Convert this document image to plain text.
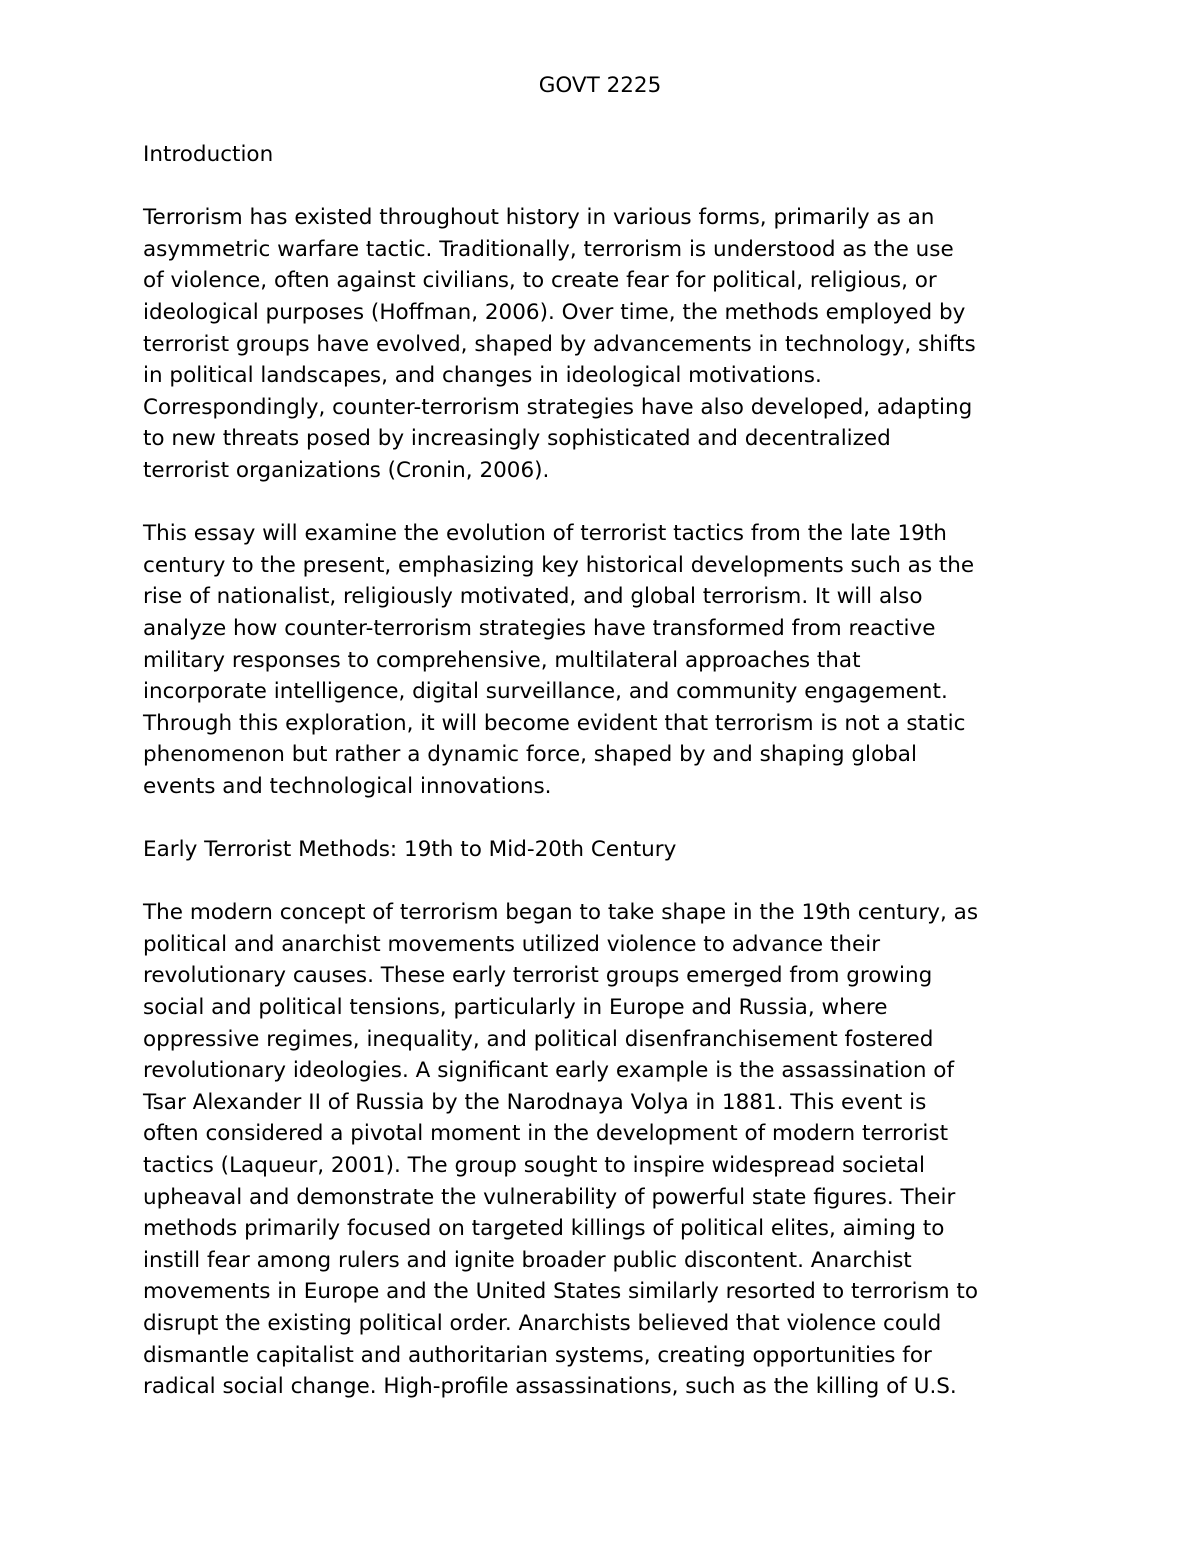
GOVT 2225

Introduction

Terrorism has existed throughout history in various forms, primarily as an
asymmetric warfare tactic. Traditionally, terrorism is understood as the use
of violence, often against civilians, to create fear for political, religious, or
ideological purposes (Hoffman, 2006). Over time, the methods employed by
terrorist groups have evolved, shaped by advancements in technology, shifts
in political landscapes, and changes in ideological motivations.
Correspondingly, counter-terrorism strategies have also developed, adapting
to new threats posed by increasingly sophisticated and decentralized
terrorist organizations (Cronin, 2006).

This essay will examine the evolution of terrorist tactics from the late 19th
century to the present, emphasizing key historical developments such as the
rise of nationalist, religiously motivated, and global terrorism. It will also
analyze how counter-terrorism strategies have transformed from reactive
military responses to comprehensive, multilateral approaches that
incorporate intelligence, digital surveillance, and community engagement.
Through this exploration, it will become evident that terrorism is not a static
phenomenon but rather a dynamic force, shaped by and shaping global
events and technological innovations.

Early Terrorist Methods: 19th to Mid-20th Century

The modern concept of terrorism began to take shape in the 19th century, as
political and anarchist movements utilized violence to advance their
revolutionary causes. These early terrorist groups emerged from growing
social and political tensions, particularly in Europe and Russia, where
oppressive regimes, inequality, and political disenfranchisement fostered
revolutionary ideologies. A significant early example is the assassination of
Tsar Alexander II of Russia by the Narodnaya Volya in 1881. This event is
often considered a pivotal moment in the development of modern terrorist
tactics (Laqueur, 2001). The group sought to inspire widespread societal
upheaval and demonstrate the vulnerability of powerful state figures. Their
methods primarily focused on targeted killings of political elites, aiming to
instill fear among rulers and ignite broader public discontent. Anarchist
movements in Europe and the United States similarly resorted to terrorism to
disrupt the existing political order. Anarchists believed that violence could
dismantle capitalist and authoritarian systems, creating opportunities for
radical social change. High-profile assassinations, such as the killing of U.S.
